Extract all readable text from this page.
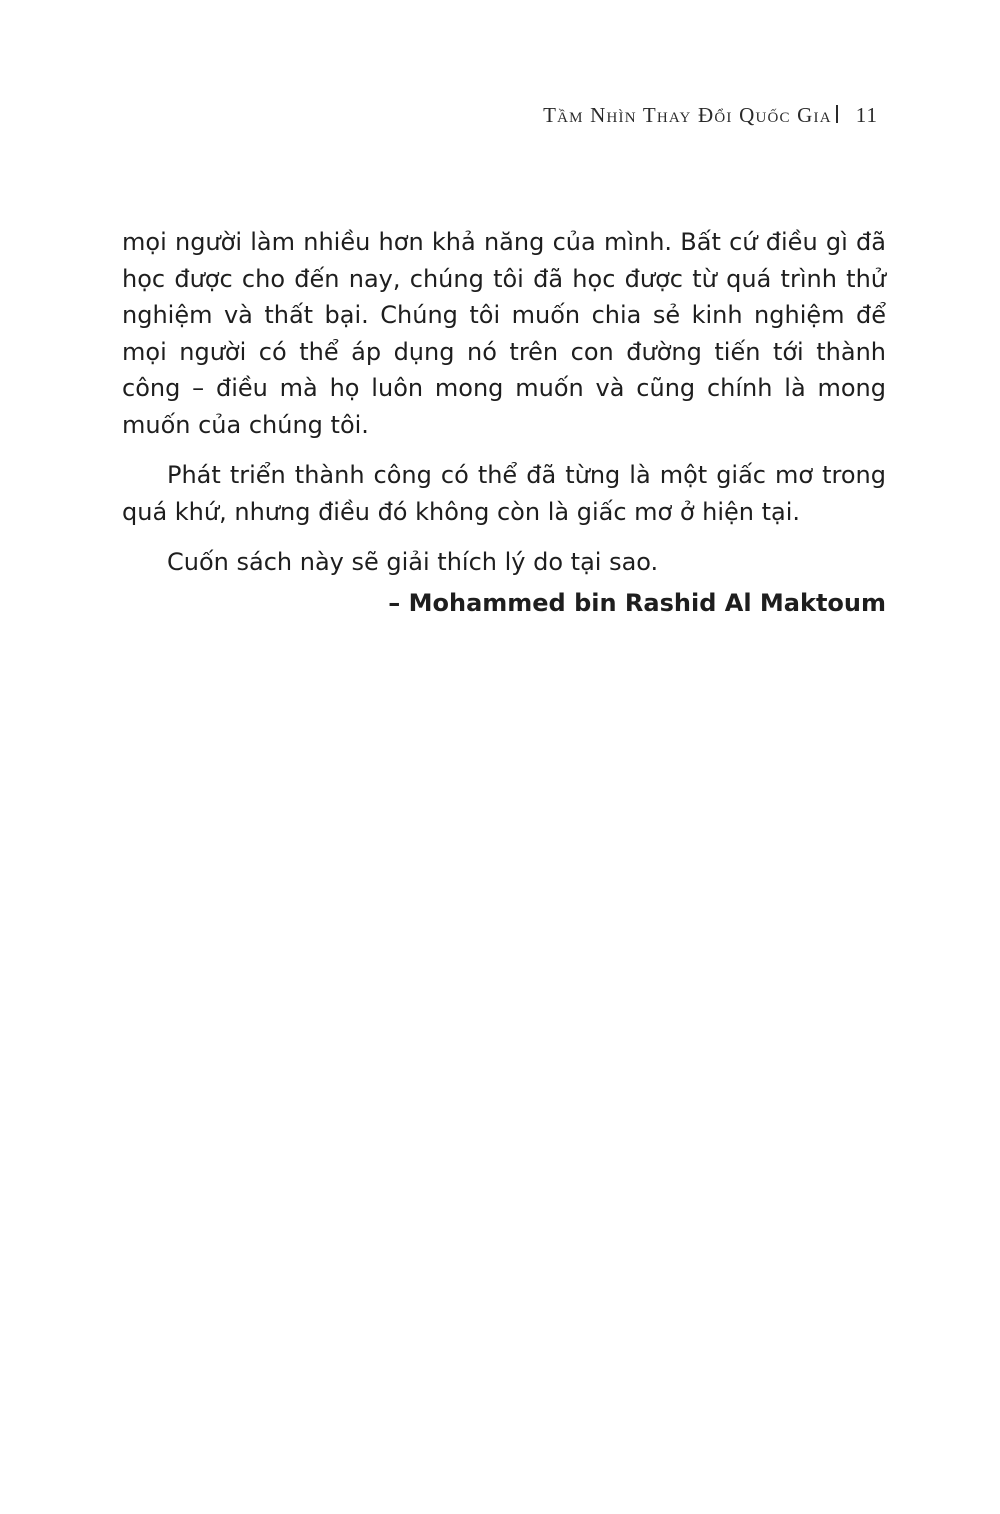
Tầm Nhìn Thay Đổi Quốc Gia 11

mọi người làm nhiều hơn khả năng của mình. Bất cứ điều gì đã học được cho đến nay, chúng tôi đã học được từ quá trình thử nghiệm và thất bại. Chúng tôi muốn chia sẻ kinh nghiệm để mọi người có thể áp dụng nó trên con đường tiến tới thành công – điều mà họ luôn mong muốn và cũng chính là mong muốn của chúng tôi.

Phát triển thành công có thể đã từng là một giấc mơ trong quá khứ, nhưng điều đó không còn là giấc mơ ở hiện tại.

Cuốn sách này sẽ giải thích lý do tại sao.

– Mohammed bin Rashid Al Maktoum
